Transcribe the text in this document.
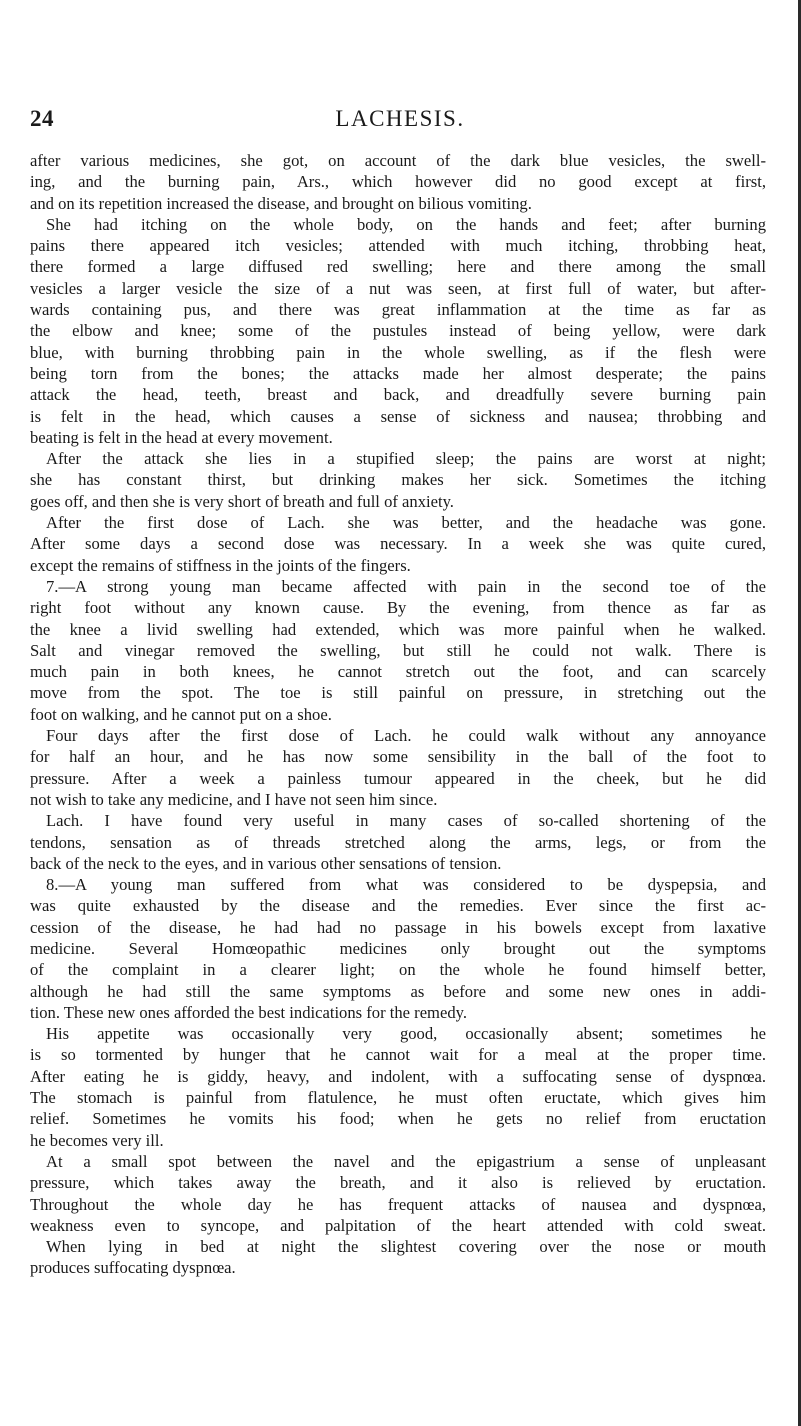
24	LACHESIS.
after various medicines, she got, on account of the dark blue vesicles, the swell-
ing, and the burning pain, Ars., which however did no good except at first,
and on its repetition increased the disease, and brought on bilious vomiting.
She had itching on the whole body, on the hands and feet; after burning
pains there appeared itch vesicles; attended with much itching, throbbing heat,
there formed a large diffused red swelling; here and there among the small
vesicles a larger vesicle the size of a nut was seen, at first full of water, but after-
wards containing pus, and there was great inflammation at the time as far as
the elbow and knee; some of the pustules instead of being yellow, were dark
blue, with burning throbbing pain in the whole swelling, as if the flesh were
being torn from the bones; the attacks made her almost desperate; the pains
attack the head, teeth, breast and back, and dreadfully severe burning pain
is felt in the head, which causes a sense of sickness and nausea; throbbing and
beating is felt in the head at every movement.
After the attack she lies in a stupified sleep; the pains are worst at night;
she has constant thirst, but drinking makes her sick. Sometimes the itching
goes off, and then she is very short of breath and full of anxiety.
After the first dose of Lach. she was better, and the headache was gone.
After some days a second dose was necessary. In a week she was quite cured,
except the remains of stiffness in the joints of the fingers.
7.—A strong young man became affected with pain in the second toe of the
right foot without any known cause. By the evening, from thence as far as
the knee a livid swelling had extended, which was more painful when he walked.
Salt and vinegar removed the swelling, but still he could not walk. There is
much pain in both knees, he cannot stretch out the foot, and can scarcely
move from the spot. The toe is still painful on pressure, in stretching out the
foot on walking, and he cannot put on a shoe.
Four days after the first dose of Lach. he could walk without any annoyance
for half an hour, and he has now some sensibility in the ball of the foot to
pressure. After a week a painless tumour appeared in the cheek, but he did
not wish to take any medicine, and I have not seen him since.
Lach. I have found very useful in many cases of so-called shortening of the
tendons, sensation as of threads stretched along the arms, legs, or from the
back of the neck to the eyes, and in various other sensations of tension.
8.—A young man suffered from what was considered to be dyspepsia, and
was quite exhausted by the disease and the remedies. Ever since the first ac-
cession of the disease, he had had no passage in his bowels except from laxative
medicine. Several Homœopathic medicines only brought out the symptoms
of the complaint in a clearer light; on the whole he found himself better,
although he had still the same symptoms as before and some new ones in addi-
tion. These new ones afforded the best indications for the remedy.
His appetite was occasionally very good, occasionally absent; sometimes he
is so tormented by hunger that he cannot wait for a meal at the proper time.
After eating he is giddy, heavy, and indolent, with a suffocating sense of dyspnœa.
The stomach is painful from flatulence, he must often eructate, which gives him
relief. Sometimes he vomits his food; when he gets no relief from eructation
he becomes very ill.
At a small spot between the navel and the epigastrium a sense of unpleasant
pressure, which takes away the breath, and it also is relieved by eructation.
Throughout the whole day he has frequent attacks of nausea and dyspnœa,
weakness even to syncope, and palpitation of the heart attended with cold sweat.
When lying in bed at night the slightest covering over the nose or mouth
produces suffocating dyspnœa.
